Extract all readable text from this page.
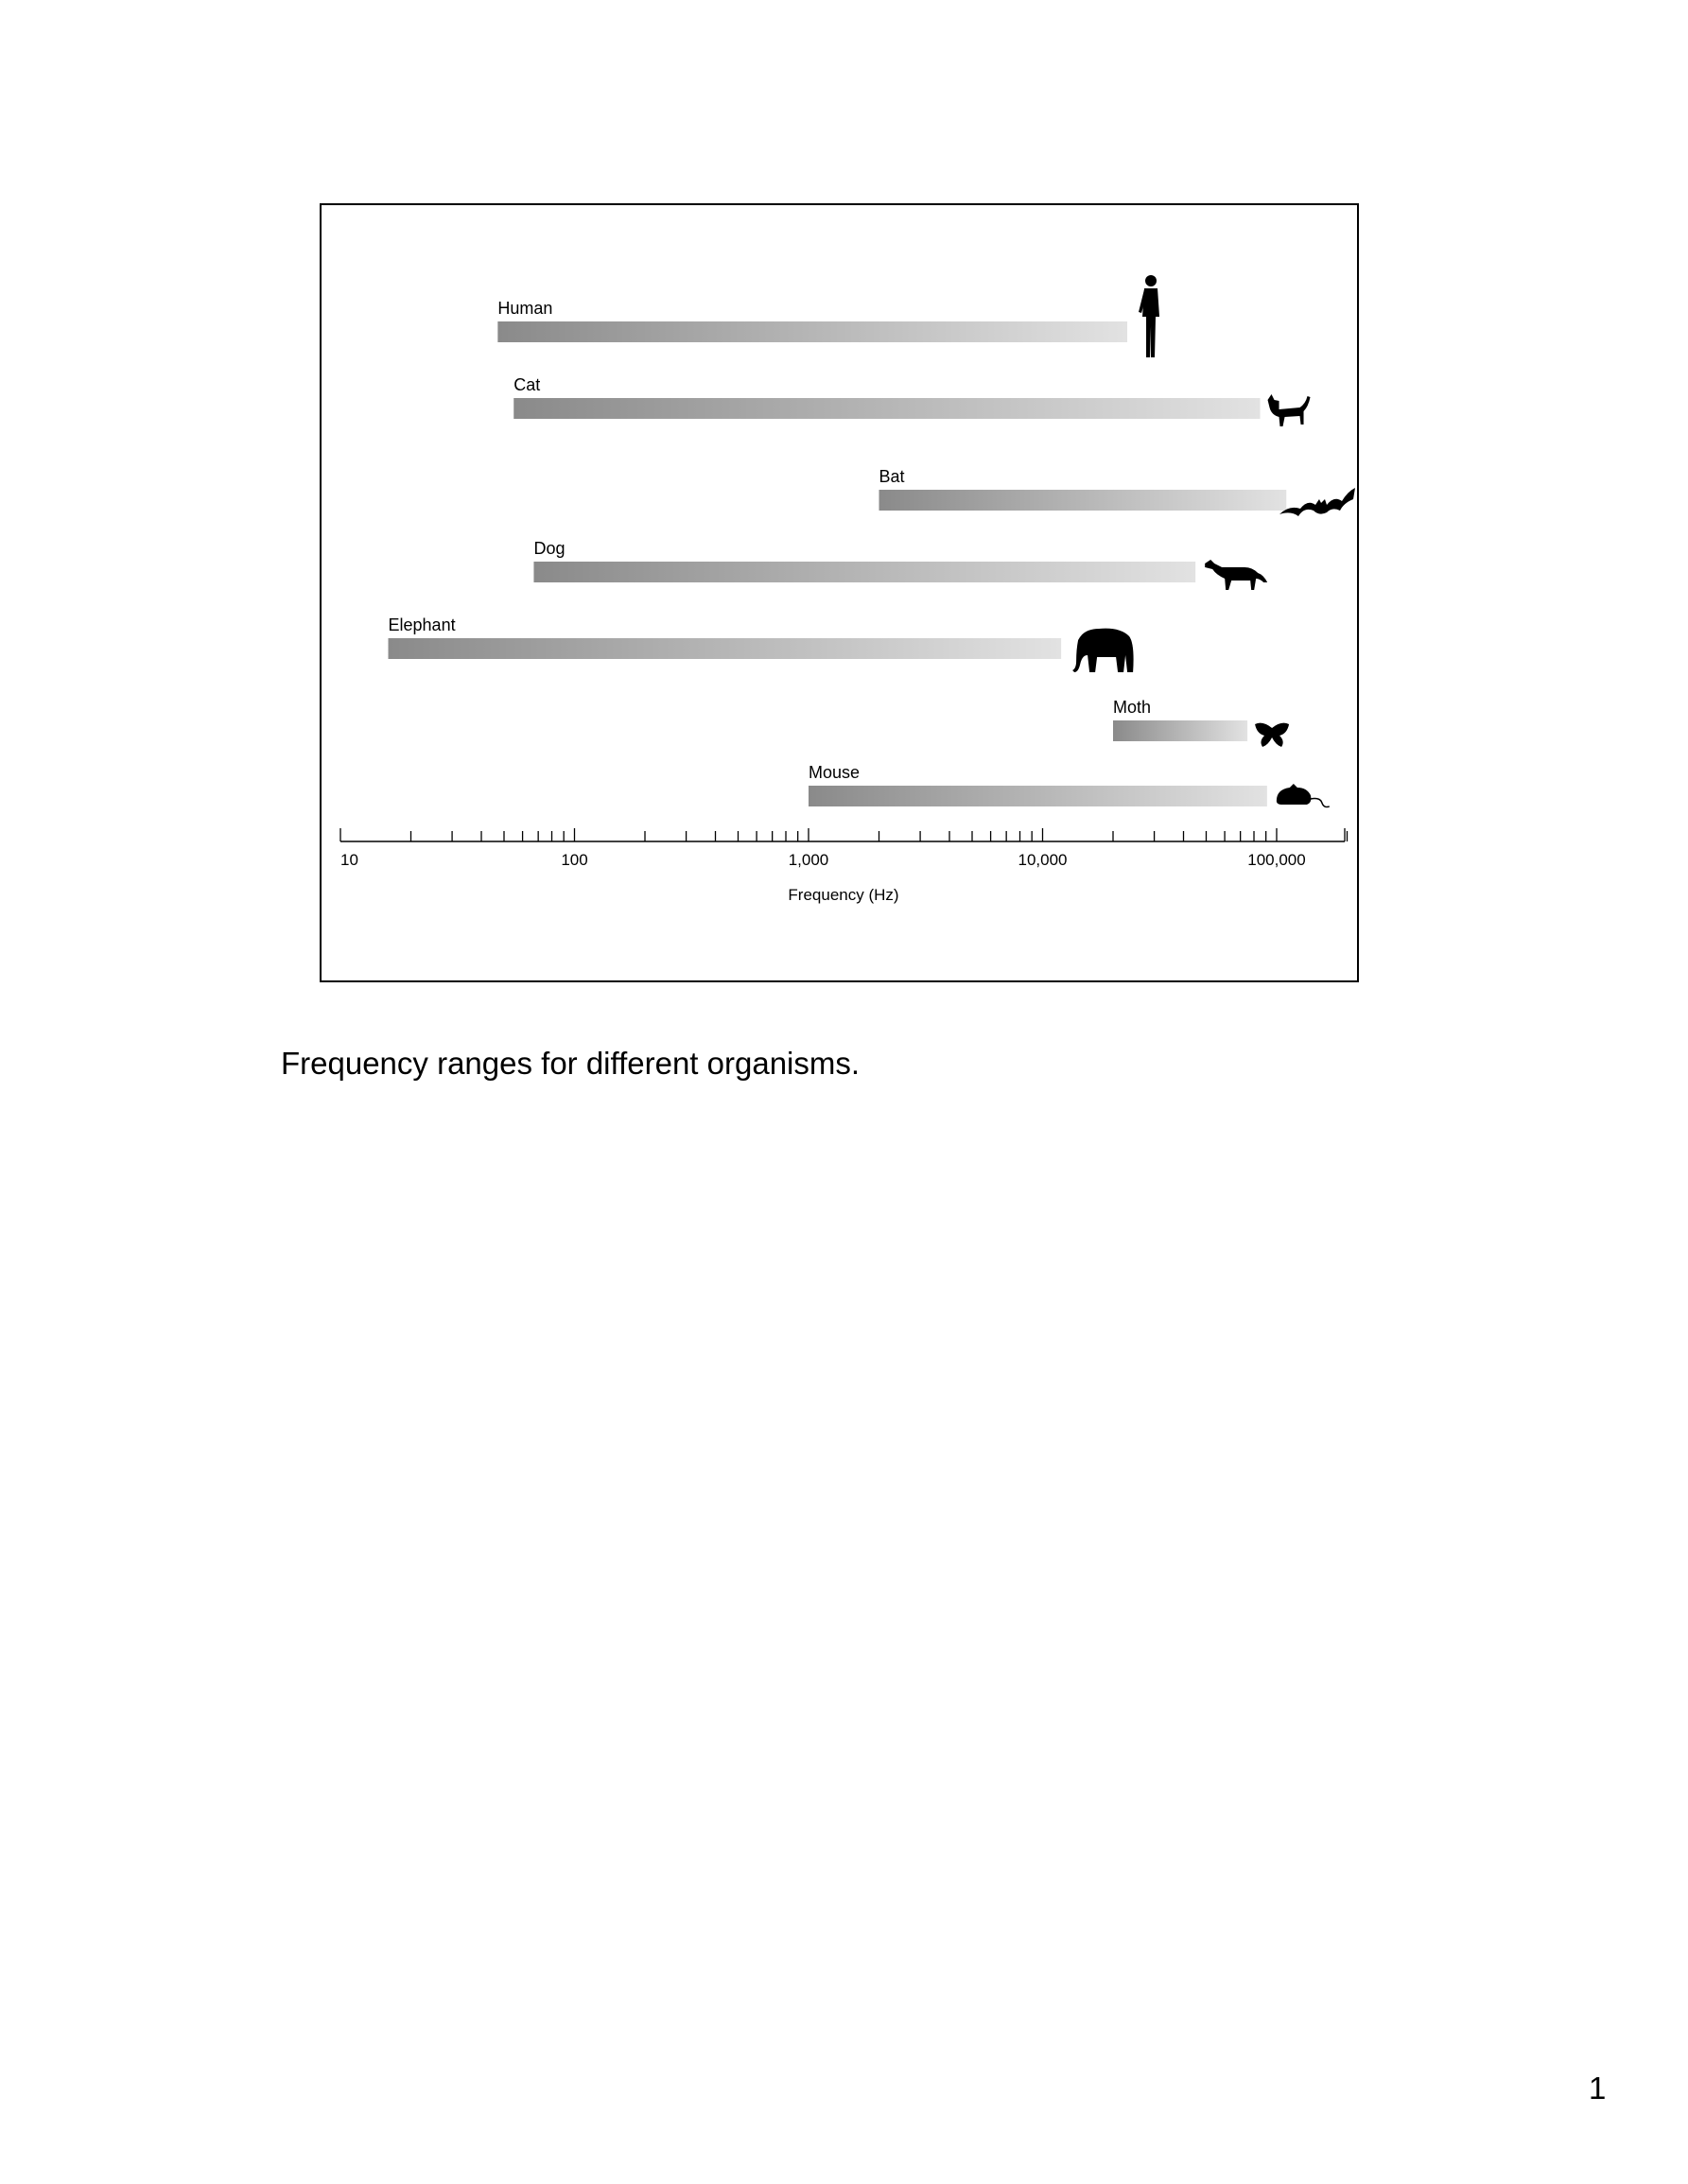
Human
Cat
Bat
Dog
Elephant
Moth
Mouse
10	100	1,000	10,000	100,000
Frequency (Hz)
Frequency ranges for different organisms.
1
